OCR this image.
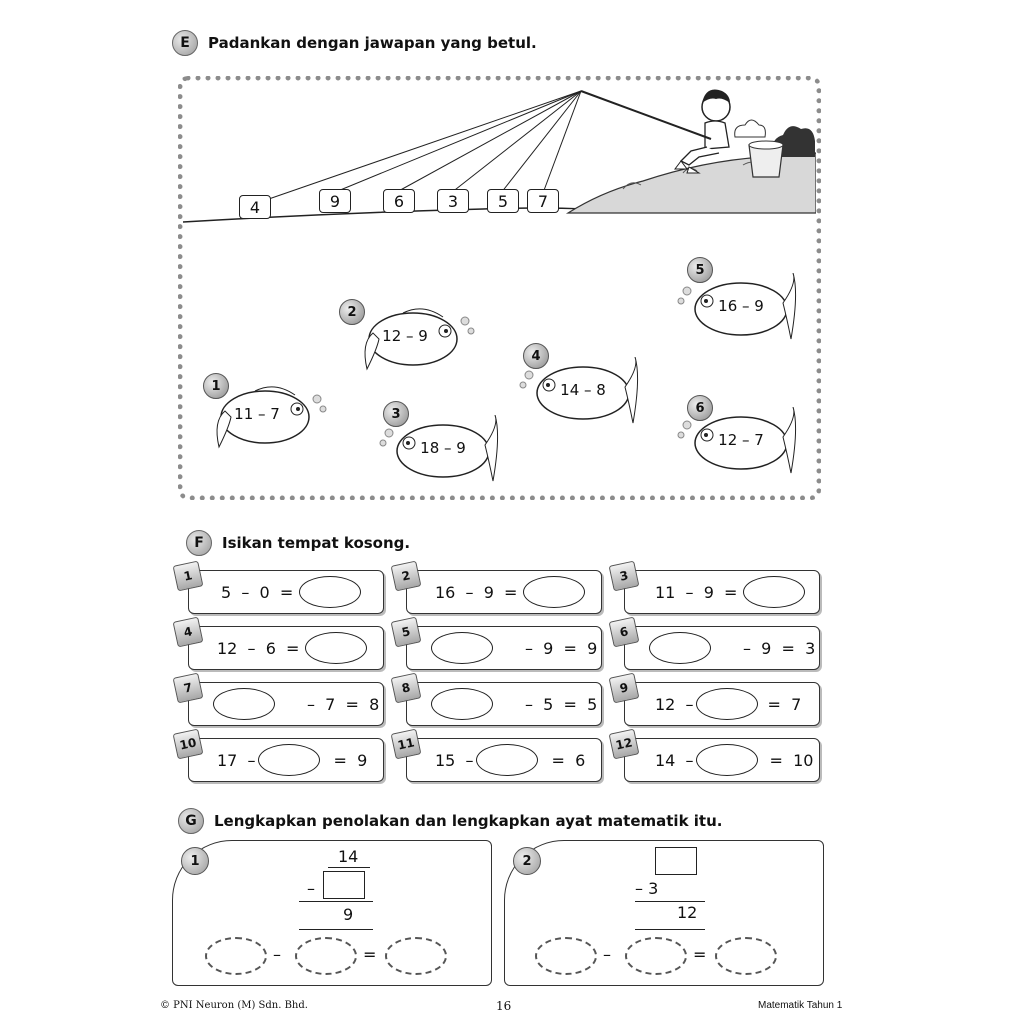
E	Padankan dengan jawapan yang betul.
4	9	6	3	5	7
1
11 – 7
2
12 – 9
3
18 – 9
4
14 – 8
5
16 – 9
6
12 – 7
F	Isikan tempat kosong.
1
5  –  0  =
2
16  –  9  =
3
11  –  9  =
4
12  –  6  =
5
–  9  =  9
6
–  9  =  3
7
–  7  =  8
8
–  5  =  5
9
12  –	=  7
10
17  –	=  9
11
15  –	=  6
12
14  –	=  10
G	Lengkapkan penolakan dan lengkapkan ayat matematik itu.
1	14
–
9
–	=
2
– 3
12
–	=
© PNI Neuron (M) Sdn. Bhd.	16	Matematik Tahun 1
